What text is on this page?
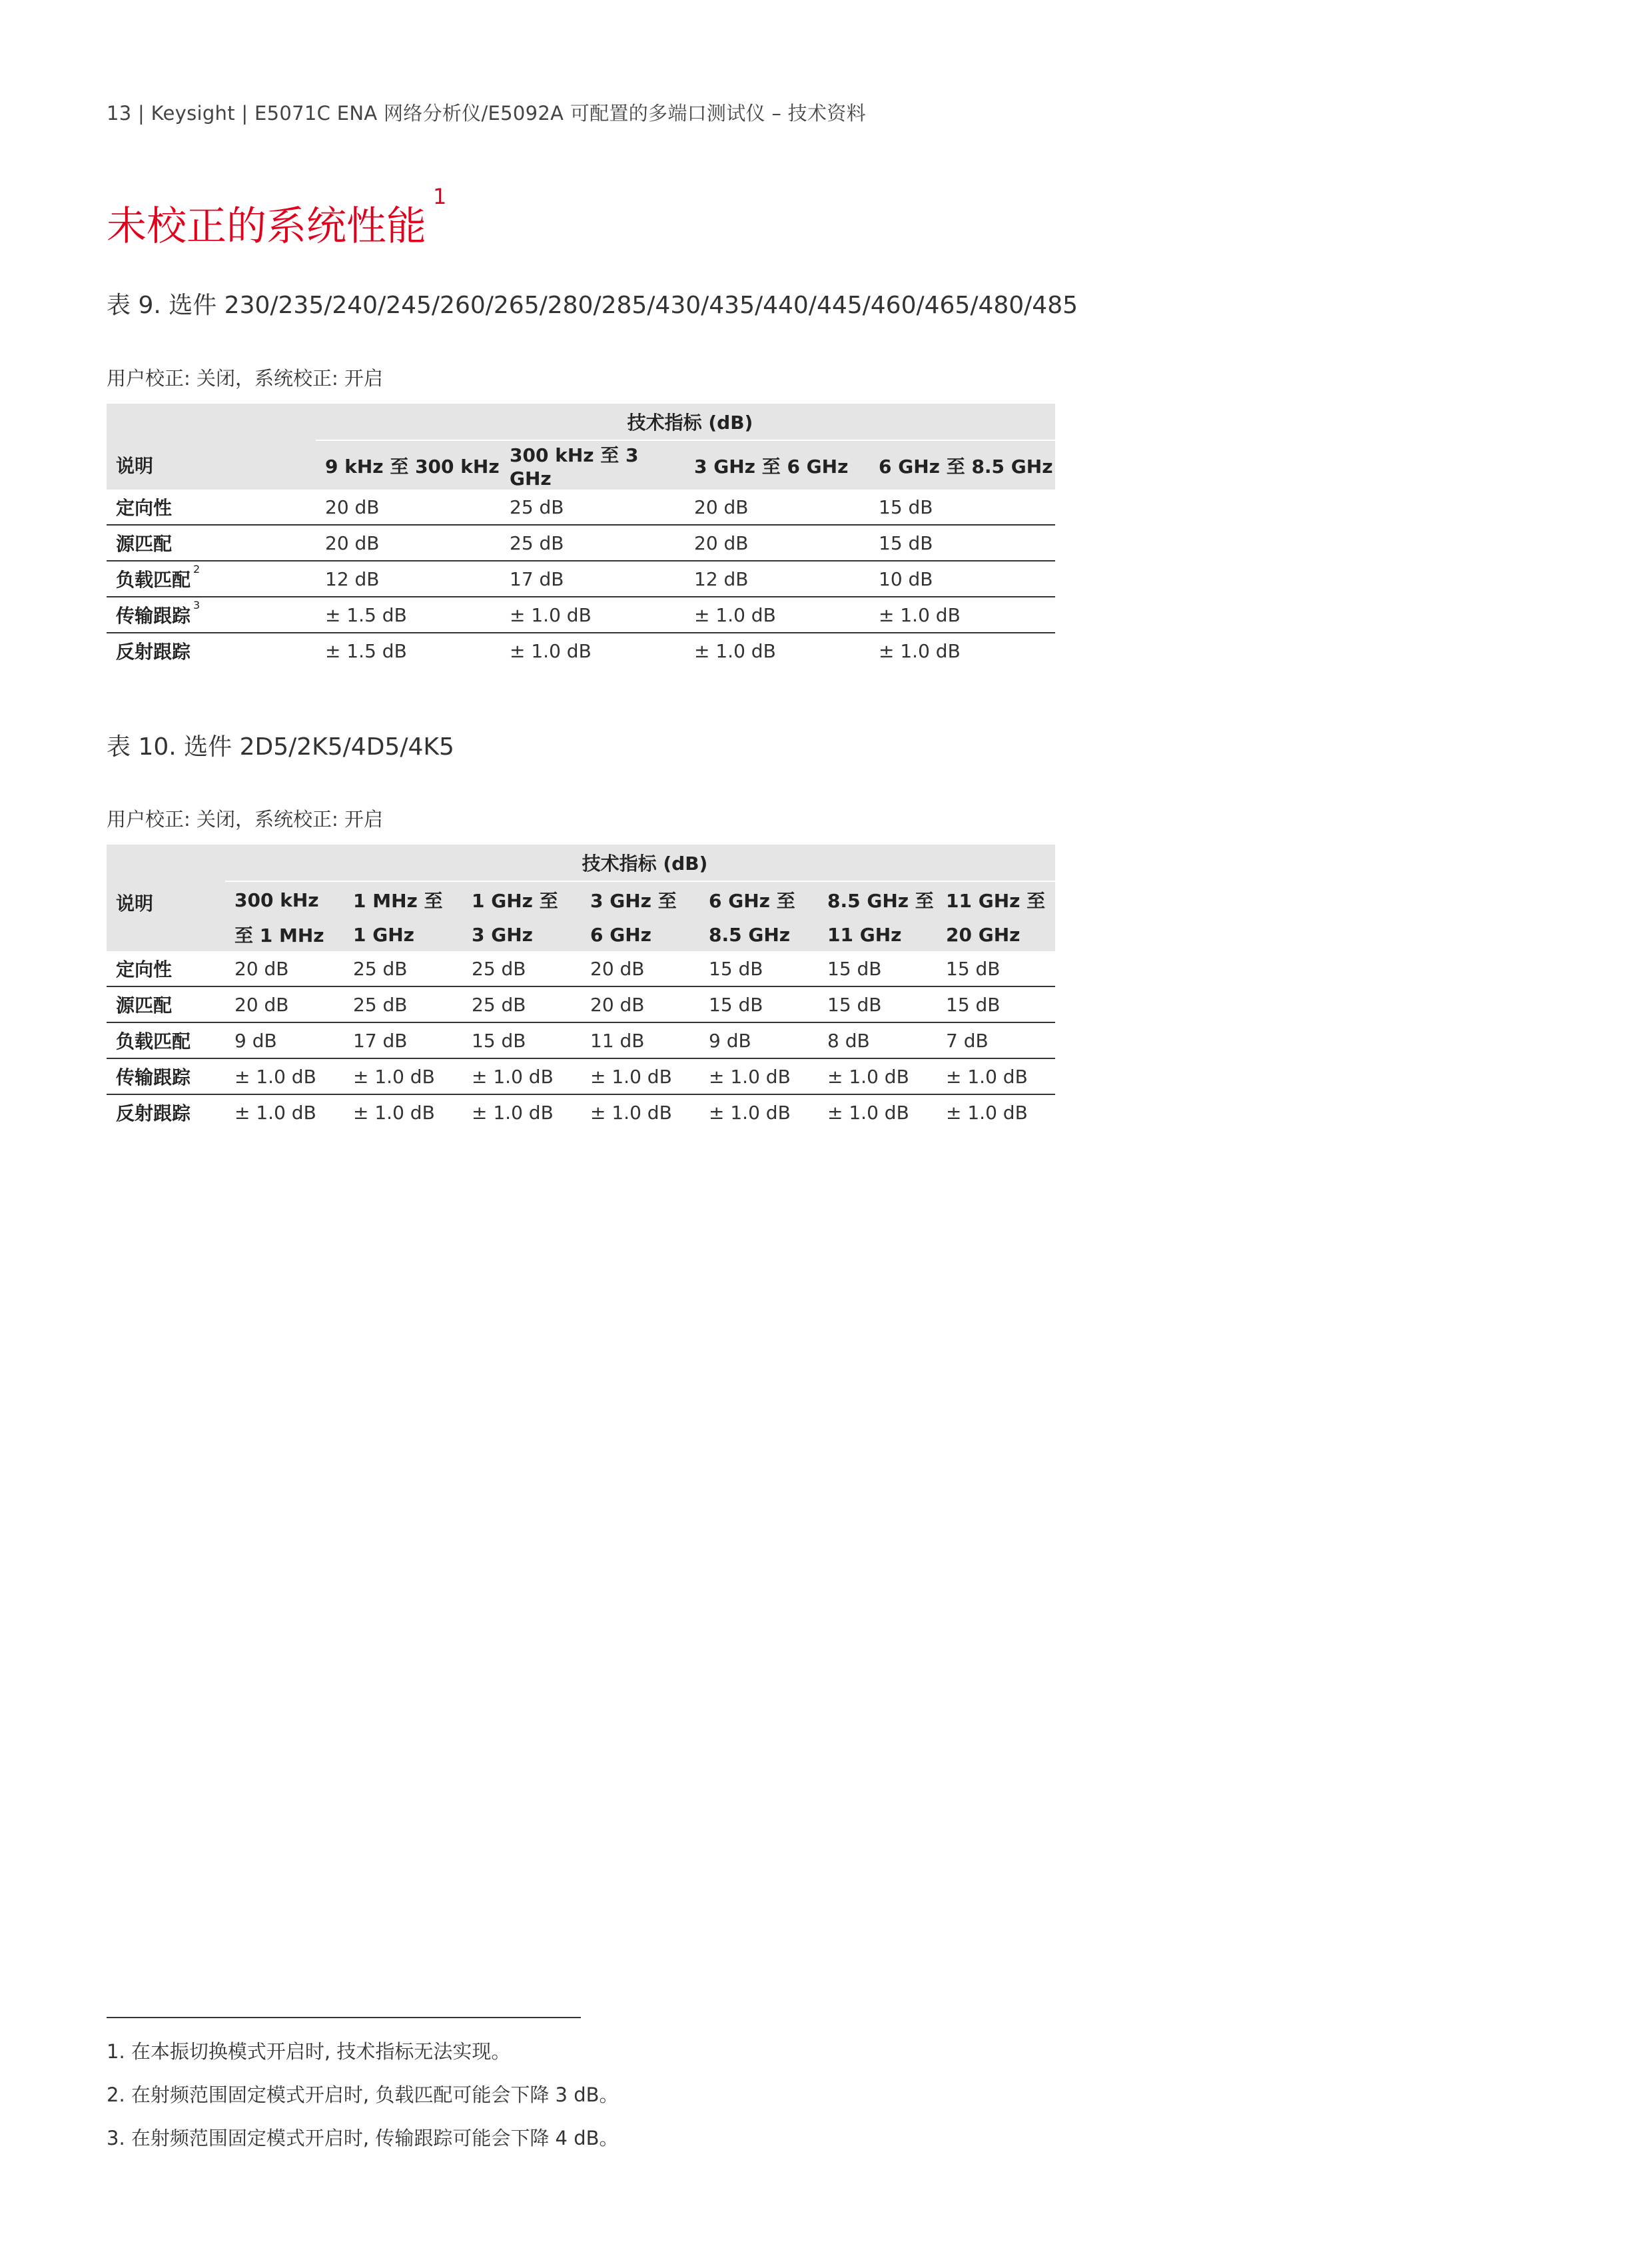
13 | Keysight | E5071C ENA 网络分析仪/E5092A 可配置的多端口测试仪 – 技术资料
未校正的系统性能$^1$
表 9. 选件 230/235/240/245/260/265/280/285/430/435/440/445/460/465/480/485
用户校正: 关闭，系统校正: 开启
	技术指标 (dB)			
说明	9 kHz 至 300 kHz	300 kHz 至 3 GHz	3 GHz 至 6 GHz	6 GHz 至 8.5 GHz
定向性	20 dB	25 dB	20 dB	15 dB
源匹配	20 dB	25 dB	20 dB	15 dB
负载匹配 $^2$	12 dB	17 dB	12 dB	10 dB
传输跟踪 $^3$	± 1.5 dB	± 1.0 dB	± 1.0 dB	± 1.0 dB
反射跟踪	± 1.5 dB	± 1.0 dB	± 1.0 dB	± 1.0 dB
表 10. 选件 2D5/2K5/4D5/4K5
用户校正: 关闭，系统校正: 开启
	技术指标 (dB)						
说明	300 kHz	1 MHz 至	1 GHz 至	3 GHz 至	6 GHz 至	8.5 GHz 至	11 GHz 至
	至 1 MHz	1 GHz	3 GHz	6 GHz	8.5 GHz	11 GHz	20 GHz
定向性	20 dB	25 dB	25 dB	20 dB	15 dB	15 dB	15 dB
源匹配	20 dB	25 dB	25 dB	20 dB	15 dB	15 dB	15 dB
负载匹配	9 dB	17 dB	15 dB	11 dB	9 dB	8 dB	7 dB
传输跟踪	± 1.0 dB	± 1.0 dB	± 1.0 dB	± 1.0 dB	± 1.0 dB	± 1.0 dB	± 1.0 dB
反射跟踪	± 1.0 dB	± 1.0 dB	± 1.0 dB	± 1.0 dB	± 1.0 dB	± 1.0 dB	± 1.0 dB
1. 在本振切换模式开启时, 技术指标无法实现。
2. 在射频范围固定模式开启时, 负载匹配可能会下降 3 dB。
3. 在射频范围固定模式开启时, 传输跟踪可能会下降 4 dB。
